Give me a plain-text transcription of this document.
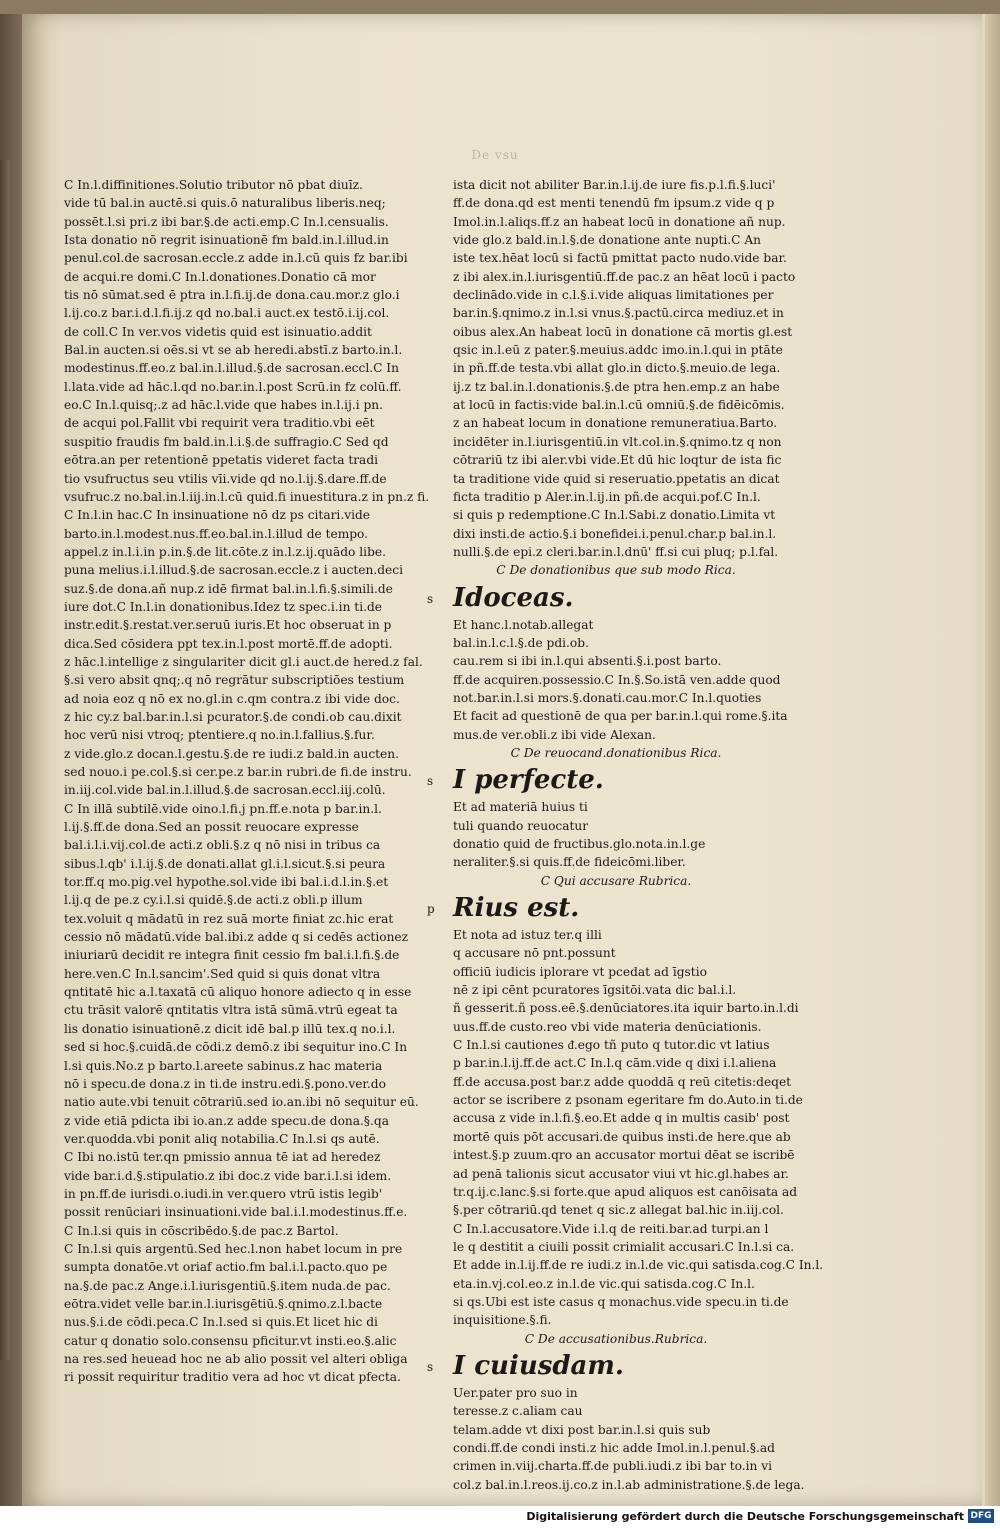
De vsu
C In.l.diffinitiones.Solutio tributor nō pbat diuīz.
vide tū bal.in auctē.si quis.ō naturalibus liberis.neq;
possēt.l.si pri.z ibi bar.§.de acti.emp.C In.l.censualis.
Ista donatio nō regrit isinuationē fm bald.in.l.illud.in
penul.col.de sacrosan.eccle.z adde in.l.cū quis fz bar.ibi
de acqui.re domi.C In.l.donationes.Donatio cā mor
tis nō sūmat.sed ē ptra in.l.fi.ij.de dona.cau.mor.z glo.i
l.ij.co.z bar.i.d.l.fi.ij.z qd no.bal.i auct.ex testō.i.ij.col.
de coll.C In ver.vos videtis quid est isinuatio.addit
Bal.in aucten.si oēs.si vt se ab heredi.abstī.z barto.in.l.
modestinus.ff.eo.z bal.in.l.illud.§.de sacrosan.eccl.C In
l.lata.vide ad hāc.l.qd no.bar.in.l.post Scrū.in fz colū.ff.
eo.C In.l.quisq;.z ad hāc.l.vide que habes in.l.ij.i pn.
de acqui pol.Fallit vbi requirit vera traditio.vbi eēt
suspitio fraudis fm bald.in.l.i.§.de suffragio.C Sed qd
eōtra.an per retentionē ppetatis videret facta tradi
tio vsufructus seu vtilis vīi.vide qd no.l.ij.§.dare.ff.de
vsufruc.z no.bal.in.l.iij.in.l.cū quid.fi inuestitura.z in pn.z fi.
C In.l.in hac.C In insinuatione nō dz ps citari.vide
barto.in.l.modest.nus.ff.eo.bal.in.l.illud de tempo.
appel.z in.l.i.in p.in.§.de lit.cōte.z in.l.z.ij.quādo libe.
puna melius.i.l.illud.§.de sacrosan.eccle.z i aucten.deci
suz.§.de dona.añ nup.z idē firmat bal.in.l.fi.§.simili.de
iure dot.C In.l.in donationibus.Idez tz spec.i.in ti.de
instr.edit.§.restat.ver.seruū iuris.Et hoc obseruat in p
dica.Sed cōsidera ppt tex.in.l.post mortē.ff.de adopti.
z hāc.l.intellige z singulariter dicit gl.i auct.de hered.z fal.
§.si vero absit qnq;.q nō regrātur subscriptiōes testium
ad noia eoz q nō ex no.gl.in c.qm contra.z ibi vide doc.
z hic cy.z bal.bar.in.l.si pcurator.§.de condi.ob cau.dixit
hoc verū nisi vtroq; ptentiere.q no.in.l.fallius.§.fur.
z vide.glo.z docan.l.gestu.§.de re iudi.z bald.in aucten.
sed nouo.i pe.col.§.si cer.pe.z bar.in rubri.de fi.de instru.
in.iij.col.vide bal.in.l.illud.§.de sacrosan.eccl.iij.colū.
C In illā subtilē.vide oino.l.fi.j pn.ff.e.nota p bar.in.l.
l.ij.§.ff.de dona.Sed an possit reuocare expresse
bal.i.l.i.vij.col.de acti.z obli.§.z q nō nisi in tribus ca
sibus.l.qb' i.l.ij.§.de donati.allat gl.i.l.sicut.§.si peura
tor.ff.q mo.pig.vel hypothe.sol.vide ibi bal.i.d.l.in.§.et
l.ij.q de pe.z cy.i.l.si quidē.§.de acti.z obli.p illum
tex.voluit q mādatū in rez suā morte finiat zc.hic erat
cessio nō mādatū.vide bal.ibi.z adde q si cedēs actionez
iniuriarū decidit re integra finit cessio fm bal.i.l.fi.§.de
here.ven.C In.l.sancim'.Sed quid si quis donat vltra
qntitatē hic a.l.taxatā cū aliquo honore adiecto q in esse
ctu trāsit valorē qntitatis vltra istā sūmā.vtrū egeat ta
lis donatio isinuationē.z dicit idē bal.p illū tex.q no.i.l.
sed si hoc.§.cuidā.de cōdi.z demō.z ibi sequitur ino.C In
l.si quis.No.z p barto.l.areete sabinus.z hac materia
nō i specu.de dona.z in ti.de instru.edi.§.pono.ver.do
natio aute.vbi tenuit cōtrariū.sed io.an.ibi nō sequitur eū.
z vide etiā pdicta ibi io.an.z adde specu.de dona.§.qa
ver.quodda.vbi ponit aliq notabilia.C In.l.si qs autē.
C Ibi no.istū ter.qn pmissio annua tē iat ad heredez
vide bar.i.d.§.stipulatio.z ibi doc.z vide bar.i.l.si idem.
in pn.ff.de iurisdi.o.iudi.in ver.quero vtrū istis legib'
possit renūciari insinuationi.vide bal.i.l.modestinus.ff.e.
C In.l.si quis in cōscribēdo.§.de pac.z Bartol.
C In.l.si quis argentū.Sed hec.l.non habet locum in pre
sumpta donatōe.vt oriaf actio.fm bal.i.l.pacto.quo pe
na.§.de pac.z Ange.i.l.iurisgentiū.§.item nuda.de pac.
eōtra.videt velle bar.in.l.iurisgētiū.§.qnimo.z.l.bacte
nus.§.i.de cōdi.peca.C In.l.sed si quis.Et licet hic di
catur q donatio solo.consensu pficitur.vt insti.eo.§.alic
na res.sed heuead hoc ne ab alio possit vel alteri obliga
ri possit requiritur traditio vera ad hoc vt dicat pfecta.
ista dicit not abiliter Bar.in.l.ij.de iure fis.p.l.fi.§.luci'
ff.de dona.qd est menti tenendū fm ipsum.z vide q p
Imol.in.l.aliqs.ff.z an habeat locū in donatione añ nup.
vide glo.z bald.in.l.§.de donatione ante nupti.C An
iste tex.hēat locū si factū pmittat pacto nudo.vide bar.
z ibi alex.in.l.iurisgentiū.ff.de pac.z an hēat locū i pacto
declinādo.vide in c.l.§.i.vide aliquas limitationes per
bar.in.§.qnimo.z in.l.si vnus.§.pactū.circa mediuz.et in
oibus alex.An habeat locū in donatione cā mortis gl.est
qsic in.l.eū z pater.§.meuius.addc imo.in.l.qui in ptāte
in pñ.ff.de testa.vbi allat glo.in dicto.§.meuio.de lega.
ij.z tz bal.in.l.donationis.§.de ptra hen.emp.z an habe
at locū in factis:vide bal.in.l.cū omniū.§.de fidēicōmis.
z an habeat locum in donatione remuneratiua.Barto.
incidēter in.l.iurisgentiū.in vlt.col.in.§.qnimo.tz q non
cōtrariū tz ibi aler.vbi vide.Et dū hic loqtur de ista fic
ta traditione vide quid si reseruatio.ppetatis an dicat
ficta traditio p Aler.in.l.ij.in pñ.de acqui.pof.C In.l.
si quis p redemptione.C In.l.Sabi.z donatio.Limita vt
dixi insti.de actio.§.i bonefidei.i.penul.char.p bal.in.l.
nulli.§.de epi.z cleri.bar.in.l.dnū' ff.si cui pluq; p.l.fal.
C De donationibus que sub modo Rica.
s Idoceas.
Et hanc.l.notab.allegat
bal.in.l.c.l.§.de pdi.ob.
cau.rem si ibi in.l.qui absenti.§.i.post barto.
ff.de acquiren.possessio.C In.§.So.istā ven.adde quod
not.bar.in.l.si mors.§.donati.cau.mor.C In.l.quoties
Et facit ad questionē de qua per bar.in.l.qui rome.§.ita
mus.de ver.obli.z ibi vide Alexan.
C De reuocand.donationibus Rica.
s I perfecte.
Et ad materiā huius ti
tuli quando reuocatur
donatio quid de fructibus.glo.nota.in.l.ge
neraliter.§.si quis.ff.de fideicōmi.liber.
C Qui accusare Rubrica.
p Rius est.
Et nota ad istuz ter.q illi
q accusare nō pnt.possunt
officiū iudicis iplorare vt pcedat ad īgstio
nē z ipi cēnt pcuratores īgsitōi.vata dic bal.i.l.
ñ gesserit.ñ poss.eē.§.denūciatores.ita iquir barto.in.l.di
uus.ff.de custo.reo vbi vide materia denūciationis.
C In.l.si cautiones ᵭ.ego tñ puto q tutor.dic vt latius
p bar.in.l.ij.ff.de act.C In.l.q cām.vide q dixi i.l.aliena
ff.de accusa.post bar.z adde quoddā q reū citetis:deqet
actor se iscribere z psonam egeritare fm do.Auto.in ti.de
accusa z vide in.l.fi.§.eo.Et adde q in multis casib' post
mortē quis pōt accusari.de quibus insti.de here.que ab
intest.§.p zuum.qro an accusator mortui dēat se iscribē
ad penā talionis sicut accusator viui vt hic.gl.habes ar.
tr.q.ij.c.lanc.§.si forte.que apud aliquos est canōisata ad
§.per cōtrariū.qd tenet q sic.z allegat bal.hic in.iij.col.
C In.l.accusatore.Vide i.l.q de reiti.bar.ad turpi.an l
le q destitit a ciuili possit crimialit accusari.C In.l.si ca.
Et adde in.l.ij.ff.de re iudi.z in.l.de vic.qui satisda.cog.C In.l.
eta.in.vj.col.eo.z in.l.de vic.qui satisda.cog.C In.l.
si qs.Ubi est iste casus q monachus.vide specu.in ti.de
inquisitione.§.fi.
C De accusationibus.Rubrica.
s I cuiusdam.
Uer.pater pro suo in
teresse.z c.aliam cau
telam.adde vt dixi post bar.in.l.si quis sub
condi.ff.de condi insti.z hic adde Imol.in.l.penul.§.ad
crimen in.viij.charta.ff.de publi.iudi.z ibi bar to.in vi
col.z bal.in.l.reos.ij.co.z in.l.ab administratione.§.de lega.
Digitalisierung gefördert durch die Deutsche Forschungsgemeinschaft DFG
